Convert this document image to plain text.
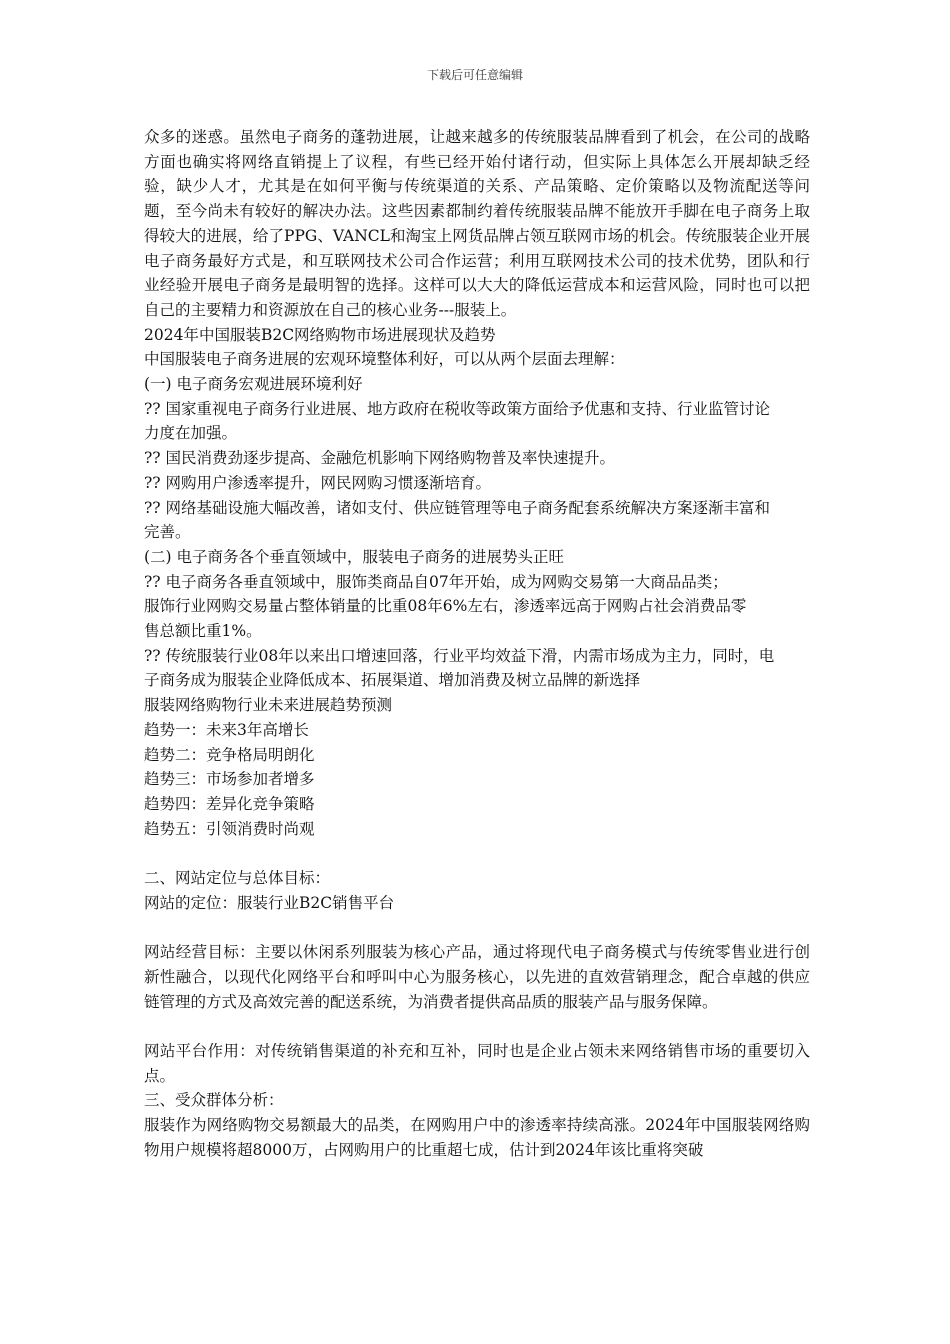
下载后可任意编辑

众多的迷惑。虽然电子商务的蓬勃进展，让越来越多的传统服装品牌看到了机会，在公司的战略方面也确实将网络直销提上了议程，有些已经开始付诸行动，但实际上具体怎么开展却缺乏经验，缺少人才，尤其是在如何平衡与传统渠道的关系、产品策略、定价策略以及物流配送等问题，至今尚未有较好的解决办法。这些因素都制约着传统服装品牌不能放开手脚在电子商务上取得较大的进展，给了PPG、VANCL和淘宝上网货品牌占领互联网市场的机会。传统服装企业开展电子商务最好方式是，和互联网技术公司合作运营；利用互联网技术公司的技术优势，团队和行业经验开展电子商务是最明智的选择。这样可以大大的降低运营成本和运营风险，同时也可以把自己的主要精力和资源放在自己的核心业务---服装上。

2024年中国服装B2C网络购物市场进展现状及趋势

中国服装电子商务进展的宏观环境整体利好，可以从两个层面去理解：

(一) 电子商务宏观进展环境利好

?? 国家重视电子商务行业进展、地方政府在税收等政策方面给予优惠和支持、行业监管讨论力度在加强。

?? 国民消费劲逐步提高、金融危机影响下网络购物普及率快速提升。

?? 网购用户渗透率提升，网民网购习惯逐渐培育。

?? 网络基础设施大幅改善，诸如支付、供应链管理等电子商务配套系统解决方案逐渐丰富和完善。

(二) 电子商务各个垂直领域中，服装电子商务的进展势头正旺

?? 电子商务各垂直领域中，服饰类商品自07年开始，成为网购交易第一大商品品类；

服饰行业网购交易量占整体销量的比重08年6%左右，渗透率远高于网购占社会消费品零售总额比重1%。

?? 传统服装行业08年以来出口增速回落，行业平均效益下滑，内需市场成为主力，同时，电子商务成为服装企业降低成本、拓展渠道、增加消费及树立品牌的新选择

服装网络购物行业未来进展趋势预测

趋势一：未来3年高增长

趋势二：竞争格局明朗化

趋势三：市场参加者增多

趋势四：差异化竞争策略

趋势五：引领消费时尚观

二、网站定位与总体目标：

网站的定位：服装行业B2C销售平台

网站经营目标：主要以休闲系列服装为核心产品，通过将现代电子商务模式与传统零售业进行创新性融合，以现代化网络平台和呼叫中心为服务核心，以先进的直效营销理念，配合卓越的供应链管理的方式及高效完善的配送系统，为消费者提供高品质的服装产品与服务保障。

网站平台作用：对传统销售渠道的补充和互补，同时也是企业占领未来网络销售市场的重要切入点。

三、受众群体分析：

服装作为网络购物交易额最大的品类，在网购用户中的渗透率持续高涨。2024年中国服装网络购物用户规模将超8000万，占网购用户的比重超七成，估计到2024年该比重将突破
